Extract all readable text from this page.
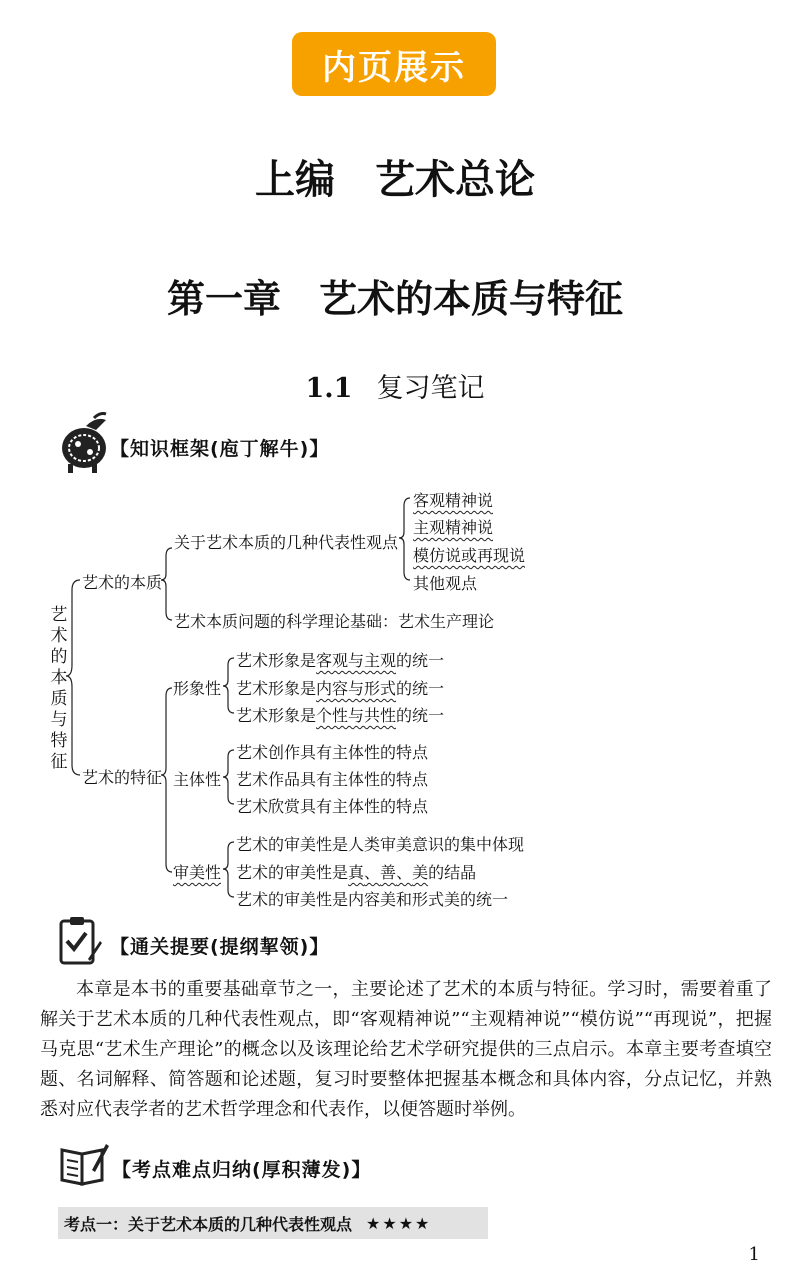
内页展示
上编　艺术总论
第一章　艺术的本质与特征
1.1 复习笔记
【知识框架(庖丁解牛)】
艺
术
的
本
质
与
特
征
艺术的本质
关于艺术本质的几种代表性观点
客观精神说
主观精神说
模仿说或再现说
其他观点
艺术本质问题的科学理论基础：艺术生产理论
艺术的特征
形象性
艺术形象是客观与主观的统一
艺术形象是内容与形式的统一
艺术形象是个性与共性的统一
主体性
艺术创作具有主体性的特点
艺术作品具有主体性的特点
艺术欣赏具有主体性的特点
审美性
艺术的审美性是人类审美意识的集中体现
艺术的审美性是真、善、美的结晶
艺术的审美性是内容美和形式美的统一
【通关提要(提纲挈领)】
本章是本书的重要基础章节之一，主要论述了艺术的本质与特征。学习时，需要着重了解关于艺术本质的几种代表性观点，即“客观精神说”“主观精神说”“模仿说”“再现说”，把握马克思“艺术生产理论”的概念以及该理论给艺术学研究提供的三点启示。本章主要考查填空题、名词解释、简答题和论述题，复习时要整体把握基本概念和具体内容，分点记忆，并熟悉对应代表学者的艺术哲学理念和代表作，以便答题时举例。
【考点难点归纳(厚积薄发)】
考点一：关于艺术本质的几种代表性观点 ★★★★
1
